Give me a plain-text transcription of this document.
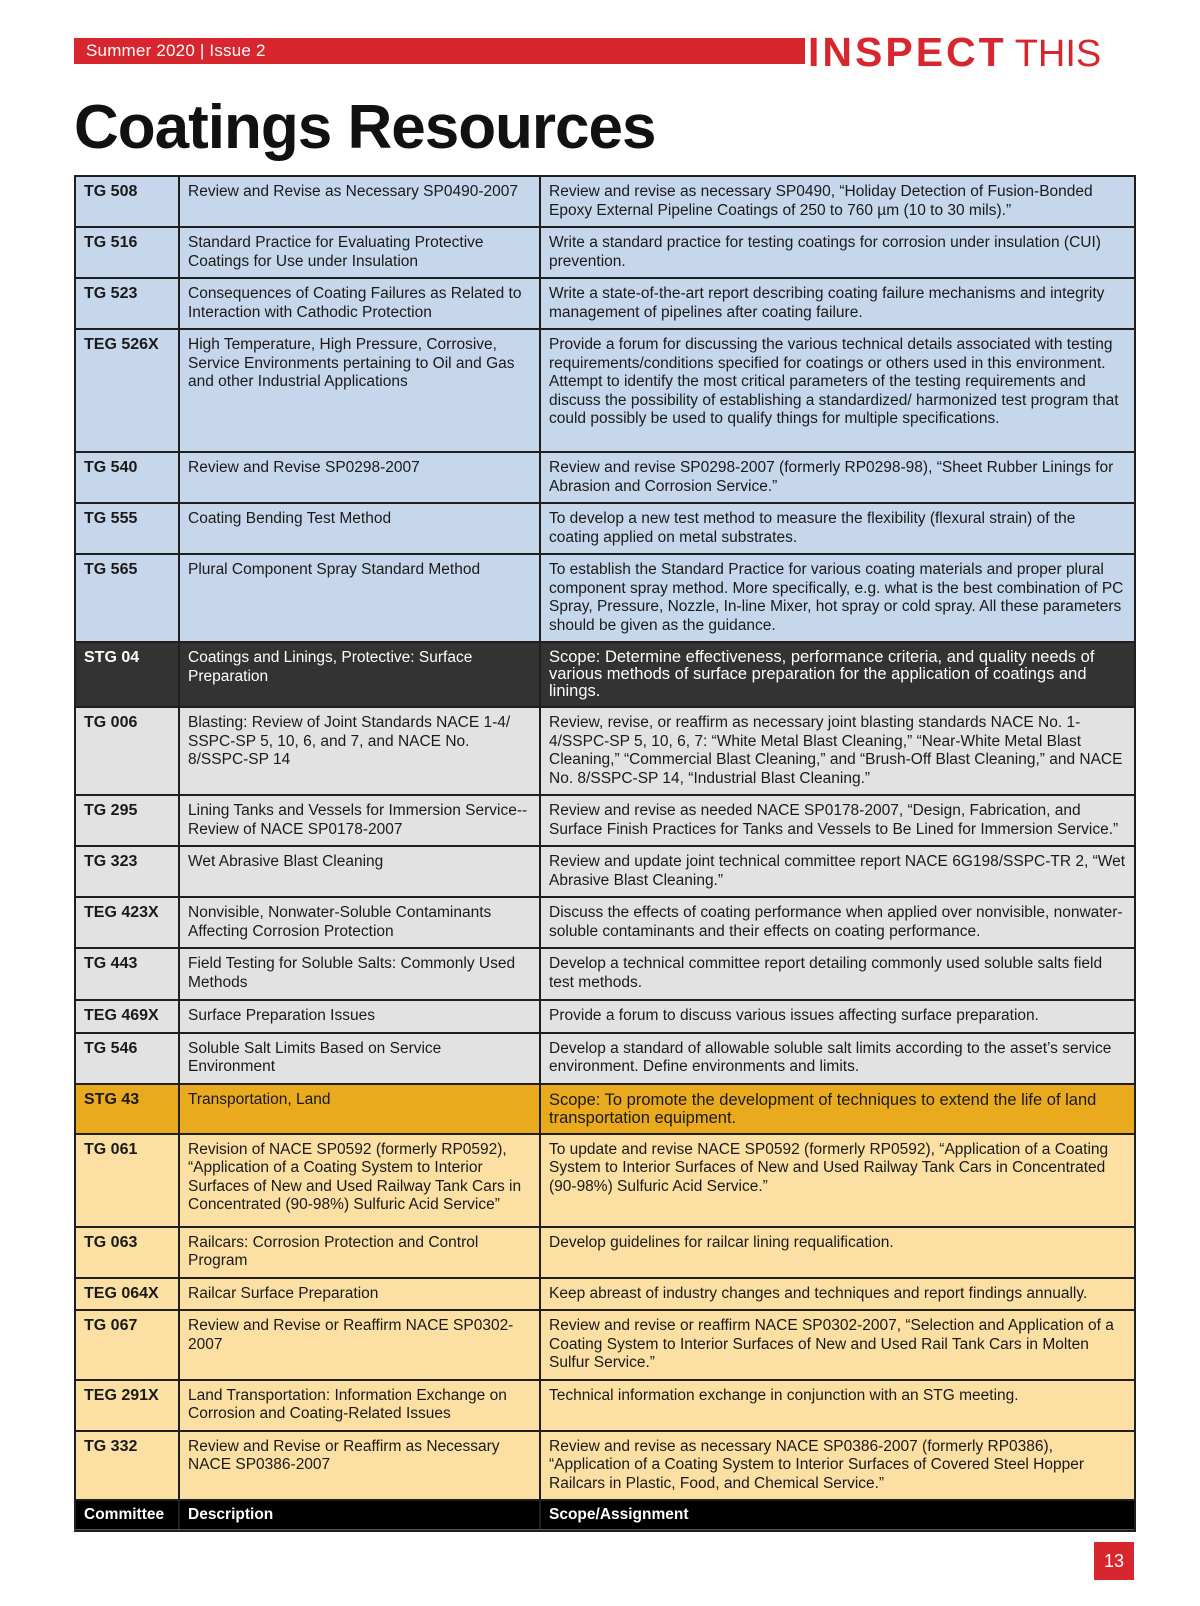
Summer 2020 | Issue 2	INSPECT THIS
Coatings Resources
TG 508	Review and Revise as Necessary SP0490-2007	Review and revise as necessary SP0490, “Holiday Detection of Fusion-Bonded Epoxy External Pipeline Coatings of 250 to 760 µm (10 to 30 mils).”
TG 516	Standard Practice for Evaluating Protective Coatings for Use under Insulation	Write a standard practice for testing coatings for corrosion under insulation (CUI) prevention.
TG 523	Consequences of Coating Failures as Related to Interaction with Cathodic Protection	Write a state-of-the-art report describing coating failure mechanisms and integrity management of pipelines after coating failure.
TEG 526X	High Temperature, High Pressure, Corrosive, Service Environments pertaining to Oil and Gas and other Industrial Applications	Provide a forum for discussing the various technical details associated with testing requirements/conditions specified for coatings or others used in this environment. Attempt to identify the most critical parameters of the testing requirements and discuss the possibility of establishing a standardized/ harmonized test program that could possibly be used to qualify things for multiple specifications.
TG 540	Review and Revise SP0298-2007	Review and revise SP0298-2007 (formerly RP0298-98), “Sheet Rubber Linings for Abrasion and Corrosion Service.”
TG 555	Coating Bending Test Method	To develop a new test method to measure the flexibility (flexural strain) of the coating applied on metal substrates.
TG 565	Plural Component Spray Standard Method	To establish the Standard Practice for various coating materials and proper plural component spray method. More specifically, e.g. what is the best combination of PC Spray, Pressure, Nozzle, In-line Mixer, hot spray or cold spray. All these parameters should be given as the guidance.
STG 04	Coatings and Linings, Protective: Surface Preparation	Scope: Determine effectiveness, performance criteria, and quality needs of various methods of surface preparation for the application of coatings and linings.
TG 006	Blasting: Review of Joint Standards NACE 1-4/ SSPC-SP 5, 10, 6, and 7, and NACE No. 8/SSPC-SP 14	Review, revise, or reaffirm as necessary joint blasting standards NACE No. 1-4/SSPC-SP 5, 10, 6, 7: “White Metal Blast Cleaning,” “Near-White Metal Blast Cleaning,” “Commercial Blast Cleaning,” and “Brush-Off Blast Cleaning,” and NACE No. 8/SSPC-SP 14, “Industrial Blast Cleaning.”
TG 295	Lining Tanks and Vessels for Immersion Service--Review of NACE SP0178-2007	Review and revise as needed NACE SP0178-2007, “Design, Fabrication, and Surface Finish Practices for Tanks and Vessels to Be Lined for Immersion Service.”
TG 323	Wet Abrasive Blast Cleaning	Review and update joint technical committee report NACE 6G198/SSPC-TR 2, “Wet Abrasive Blast Cleaning.”
TEG 423X	Nonvisible, Nonwater-Soluble Contaminants Affecting Corrosion Protection	Discuss the effects of coating performance when applied over nonvisible, nonwater-soluble contaminants and their effects on coating performance.
TG 443	Field Testing for Soluble Salts: Commonly Used Methods	Develop a technical committee report detailing commonly used soluble salts field test methods.
TEG 469X	Surface Preparation Issues	Provide a forum to discuss various issues affecting surface preparation.
TG 546	Soluble Salt Limits Based on Service Environment	Develop a standard of allowable soluble salt limits according to the asset’s service environment. Define environments and limits.
STG 43	Transportation, Land	Scope: To promote the development of techniques to extend the life of land transportation equipment.
TG 061	Revision of NACE SP0592 (formerly RP0592), “Application of a Coating System to Interior Surfaces of New and Used Railway Tank Cars in Concentrated (90-98%) Sulfuric Acid Service”	To update and revise NACE SP0592 (formerly RP0592), “Application of a Coating System to Interior Surfaces of New and Used Railway Tank Cars in Concentrated (90-98%) Sulfuric Acid Service.”
TG 063	Railcars: Corrosion Protection and Control Program	Develop guidelines for railcar lining requalification.
TEG 064X	Railcar Surface Preparation	Keep abreast of industry changes and techniques and report findings annually.
TG 067	Review and Revise or Reaffirm NACE SP0302-2007	Review and revise or reaffirm NACE SP0302-2007, “Selection and Application of a Coating System to Interior Surfaces of New and Used Rail Tank Cars in Molten Sulfur Service.”
TEG 291X	Land Transportation: Information Exchange on Corrosion and Coating-Related Issues	Technical information exchange in conjunction with an STG meeting.
TG 332	Review and Revise or Reaffirm as Necessary NACE SP0386-2007	Review and revise as necessary NACE SP0386-2007 (formerly RP0386), “Application of a Coating System to Interior Surfaces of Covered Steel Hopper Railcars in Plastic, Food, and Chemical Service.”
Committee	Description	Scope/Assignment
13
